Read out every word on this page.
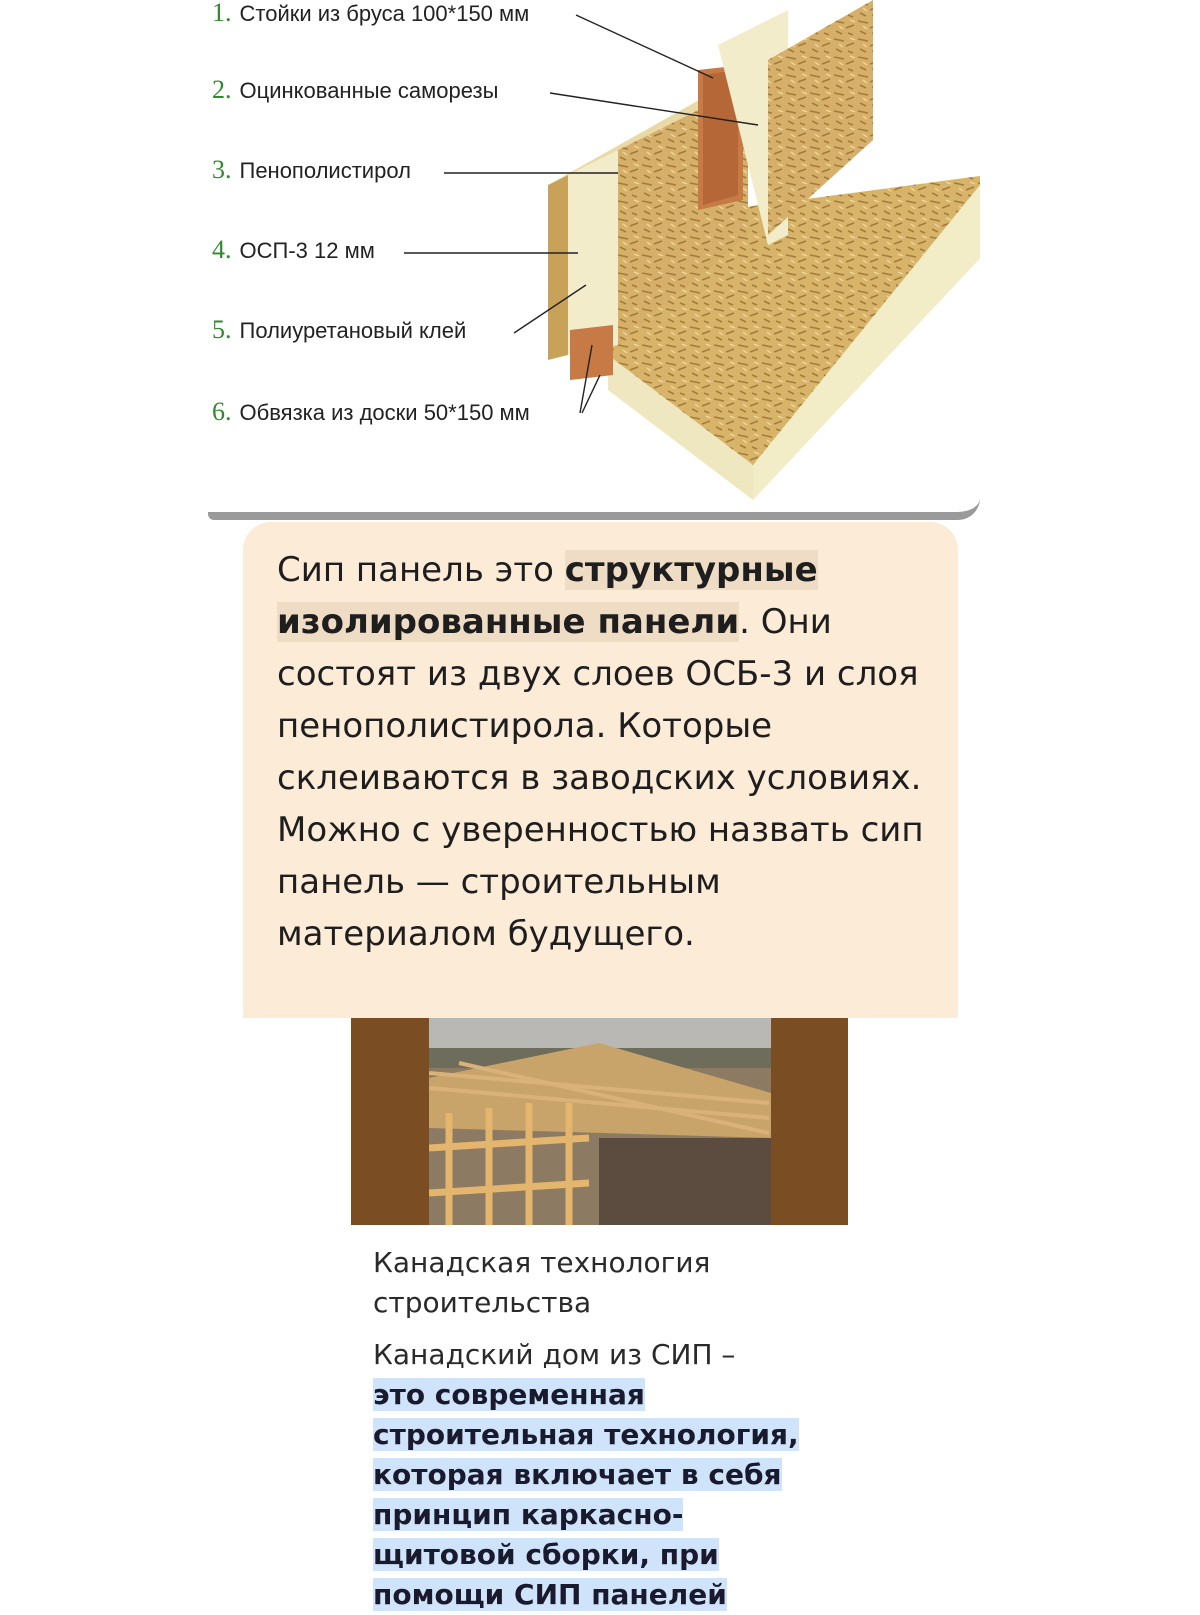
1. Стойки из бруса 100*150 мм
2. Оцинкованные саморезы
3. Пенополистирол
4. ОСП-3 12 мм
5. Полиуретановый клей
6. Обвязка из доски 50*150 мм

Сип панель это структурные изолированные панели. Они состоят из двух слоев ОСБ-3 и слоя пенополистирола. Которые склеиваются в заводских условиях. Можно с уверенностью назвать сип панель — строительным материалом будущего.

Канадская технология строительства
Канадский дом из СИП –
это современная
строительная технология,
которая включает в себя
принцип каркасно-
щитовой сборки, при
помощи СИП панелей
